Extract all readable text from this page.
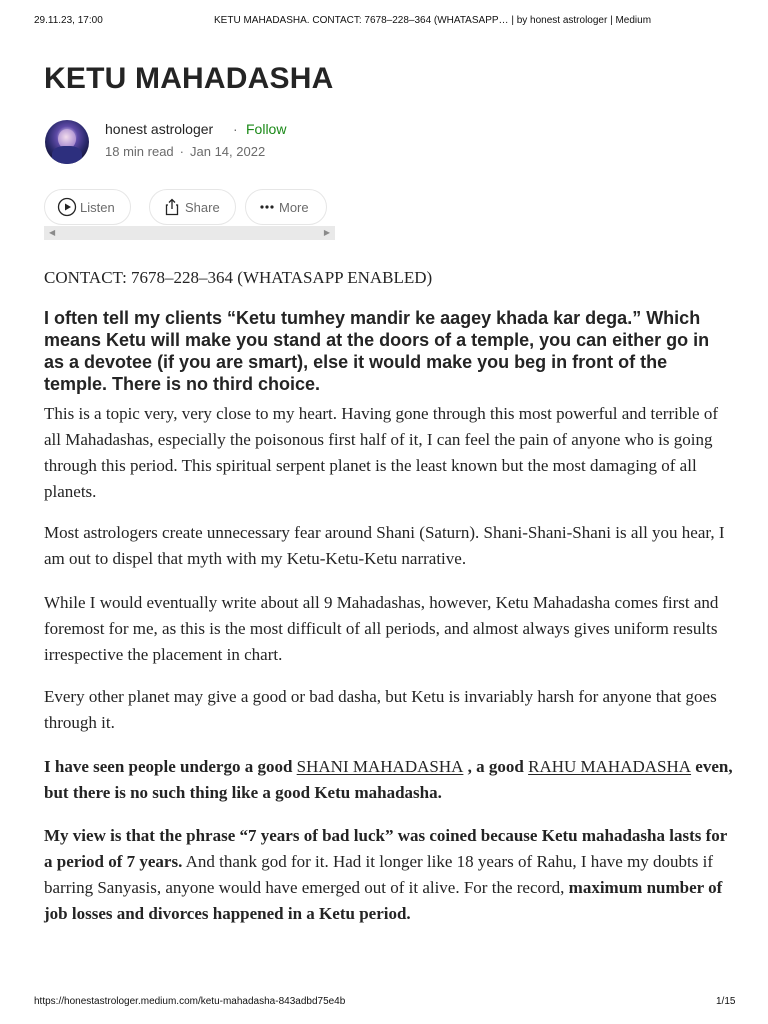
29.11.23, 17:00	KETU MAHADASHA. CONTACT: 7678–228–364 (WHATASAPP… | by honest astrologer | Medium
KETU MAHADASHA
honest astrologer · Follow
18 min read · Jan 14, 2022
Listen	Share	More
◀	▶

CONTACT: 7678–228–364 (WHATASAPP ENABLED)

I often tell my clients “Ketu tumhey mandir ke aagey khada kar dega.” Which means Ketu will make you stand at the doors of a temple, you can either go in as a devotee (if you are smart), else it would make you beg in front of the temple. There is no third choice.

This is a topic very, very close to my heart. Having gone through this most powerful and terrible of all Mahadashas, especially the poisonous first half of it, I can feel the pain of anyone who is going through this period. This spiritual serpent planet is the least known but the most damaging of all planets.

Most astrologers create unnecessary fear around Shani (Saturn). Shani-Shani-Shani is all you hear, I am out to dispel that myth with my Ketu-Ketu-Ketu narrative.

While I would eventually write about all 9 Mahadashas, however, Ketu Mahadasha comes first and foremost for me, as this is the most difficult of all periods, and almost always gives uniform results irrespective the placement in chart.

Every other planet may give a good or bad dasha, but Ketu is invariably harsh for anyone that goes through it.

I have seen people undergo a good SHANI MAHADASHA , a good RAHU MAHADASHA even, but there is no such thing like a good Ketu mahadasha.

My view is that the phrase “7 years of bad luck” was coined because Ketu mahadasha lasts for a period of 7 years. And thank god for it. Had it longer like 18 years of Rahu, I have my doubts if barring Sanyasis, anyone would have emerged out of it alive. For the record, maximum number of job losses and divorces happened in a Ketu period.

https://honestastrologer.medium.com/ketu-mahadasha-843adbd75e4b	1/15
